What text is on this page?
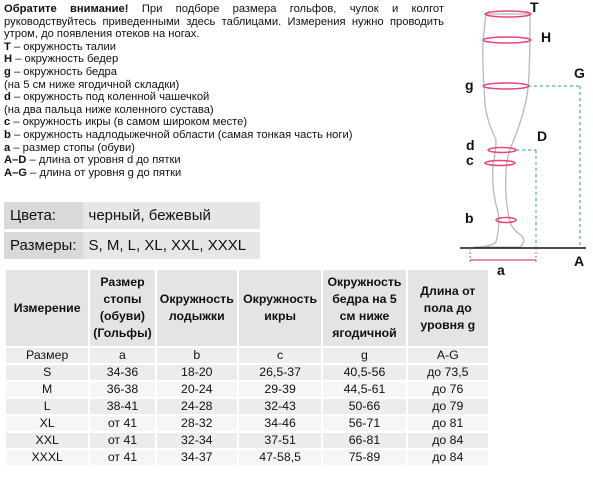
Обратите внимание! При подборе размера гольфов, чулок и колгот руководствуйтесь приведенными здесь таблицами. Измерения нужно проводить утром, до появления отеков на ногах.

T – окружность талии
H – окружность бедер
g – окружность бедра
(на 5 см ниже ягодичной складки)
d – окружность под коленной чашечкой
(на два пальца ниже коленного сустава)
c – окружность икры (в самом широком месте)
b – окружность надлодыжечной области (самая тонкая часть ноги)
a – размер стопы (обуви)
A–D – длина от уровня d до пятки
A–G – длина от уровня g до пятки
Цвета:	черный, бежевый
Размеры:	S, M, L, XL, XXL, XXXL
Измерение	Размер стопы (обуви) (Гольфы)	Окружность лодыжки	Окружность икры	Окружность бедра на 5 см ниже ягодичной	Длина от пола до уровня g
Размер	a	b	c	g	A-G
S	34-36	18-20	26,5-37	40,5-56	до 73,5
M	36-38	20-24	29-39	44,5-61	до 76
L	38-41	24-28	32-43	50-66	до 79
XL	от 41	28-32	34-46	56-71	до 81
XXL	от 41	32-34	37-51	66-81	до 84
XXXL	от 41	34-37	47-58,5	75-89	до 84
T
H
G
g
D
d
c
b
A
a
